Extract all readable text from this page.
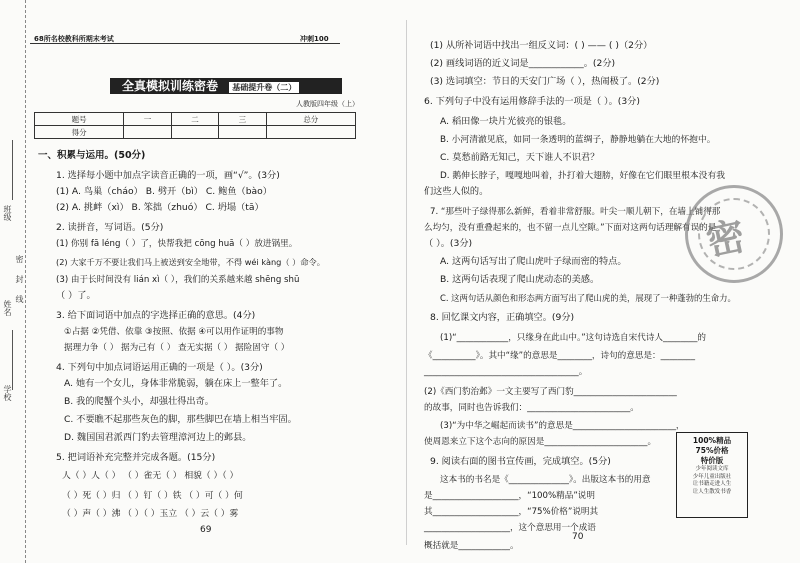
班级
姓名
学校
密
封
线
68所名校教科所期末考试	冲刺100
全真模拟训练密卷 基础提升卷（二）
人教版四年级（上）
题号	一	二	三	总分
得分				
一、积累与运用。(50分)
1. 选择每小题中加点字读音正确的一项，画“√”。(3分)
(1) A. 鸟巢（cháo） B. 劈开（bì） C. 鲍鱼（bào）
(2) A. 挑衅（xì） B. 笨拙（zhuó） C. 坍塌（tā）
2. 读拼音，写词语。(5分)
(1) 你别 fā léng（ ）了，快帮我把 cōng huā（ ）放进锅里。
(2) 大家千万不要让我们马上被送到安全地带，不得 wéi kàng（ ）命令。
(3) 由于长时间没有 lián xì（ ），我们的关系越来越 shēng shū
（ ）了。
3. 给下面词语中加点的字选择正确的意思。(4分)
①占据 ②凭借、依靠 ③按照、依据 ④可以用作证明的事物
据理力争（ ） 据为己有（ ） 查无实据（ ） 据险固守（ ）
4. 下列句中加点词语运用正确的一项是（ ）。(3分)
A. 她有一个女儿，身体非常脆弱，躺在床上一整年了。
B. 我的爬蟹个头小，却强壮得出奇。
C. 不要瞧不起那些灰色的脚，那些脚巴在墙上相当牢固。
D. 魏国国君派西门豹去管理漳河边上的邺县。
5. 把词语补充完整并完成各题。(15分)
人（ ）人（ ） （ ）雀无（ ） 相貌（ ）（ ）
（ ）死（ ）归 （ ）钉（ ）铁 （ ）可（ ）何
（ ）声（ ）沸 （ ）（ ）玉立 （ ）云（ ）雾
69
(1) 从所补词语中找出一组反义词：( ) —— ( )（2分）
(2) 画线词语的近义词是____________。(2分)
(3) 选词填空：节日的天安门广场（ ），热闹极了。(2分)
6. 下列句子中没有运用修辞手法的一项是（ ）。(3分)
A. 稻田像一块片光彼亮的银毯。
B. 小河清澈见底，如同一条透明的蓝绸子，静静地躺在大地的怀抱中。
C. 莫愁前路无知己，天下谁人不识君？
D. 鹅伸长脖子，嘎嘎地叫着，扑打着大翅膀，好像在它们眼里根本没有我
们这些人似的。
7. “那些叶子绿得那么新鲜，看着非常舒服。叶尖一顺儿朝下，在墙上铺得那
么均匀，没有重叠起来的，也不留一点儿空隙。”下面对这两句话理解有误的是
（ ）。(3分)
A. 这两句话写出了爬山虎叶子绿而密的特点。
B. 这两句话表现了爬山虎动态的美感。
C. 这两句话从颜色和形态两方面写出了爬山虎的美，展现了一种蓬勃的生命力。
8. 回忆课文内容，正确填空。(9分)
(1)“____________，只缘身在此山中。”这句诗选自宋代诗人________的
《__________》。其中“缘”的意思是________，诗句的意思是：________
____________________________________。
(2)《西门豹治邺》一文主要写了西门豹________________________
的故事，同时也告诉我们：________________________。
(3)“为中华之崛起而读书”的意思是________________________，
使周恩来立下这个志向的原因是________________________。
9. 阅读右面的图书宣传画，完成填空。(5分)
这本书的书名是《______________》。出版这本书的用意
是____________________，“100%精品”说明
其____________________，“75%价格”说明其
____________________，这个意思用一个成语
概括就是____________。
70
100%精品
75%价格
特价版
少年阅读文库
少年儿童出版社
让书籍走进人生
让人生散发书香
密
